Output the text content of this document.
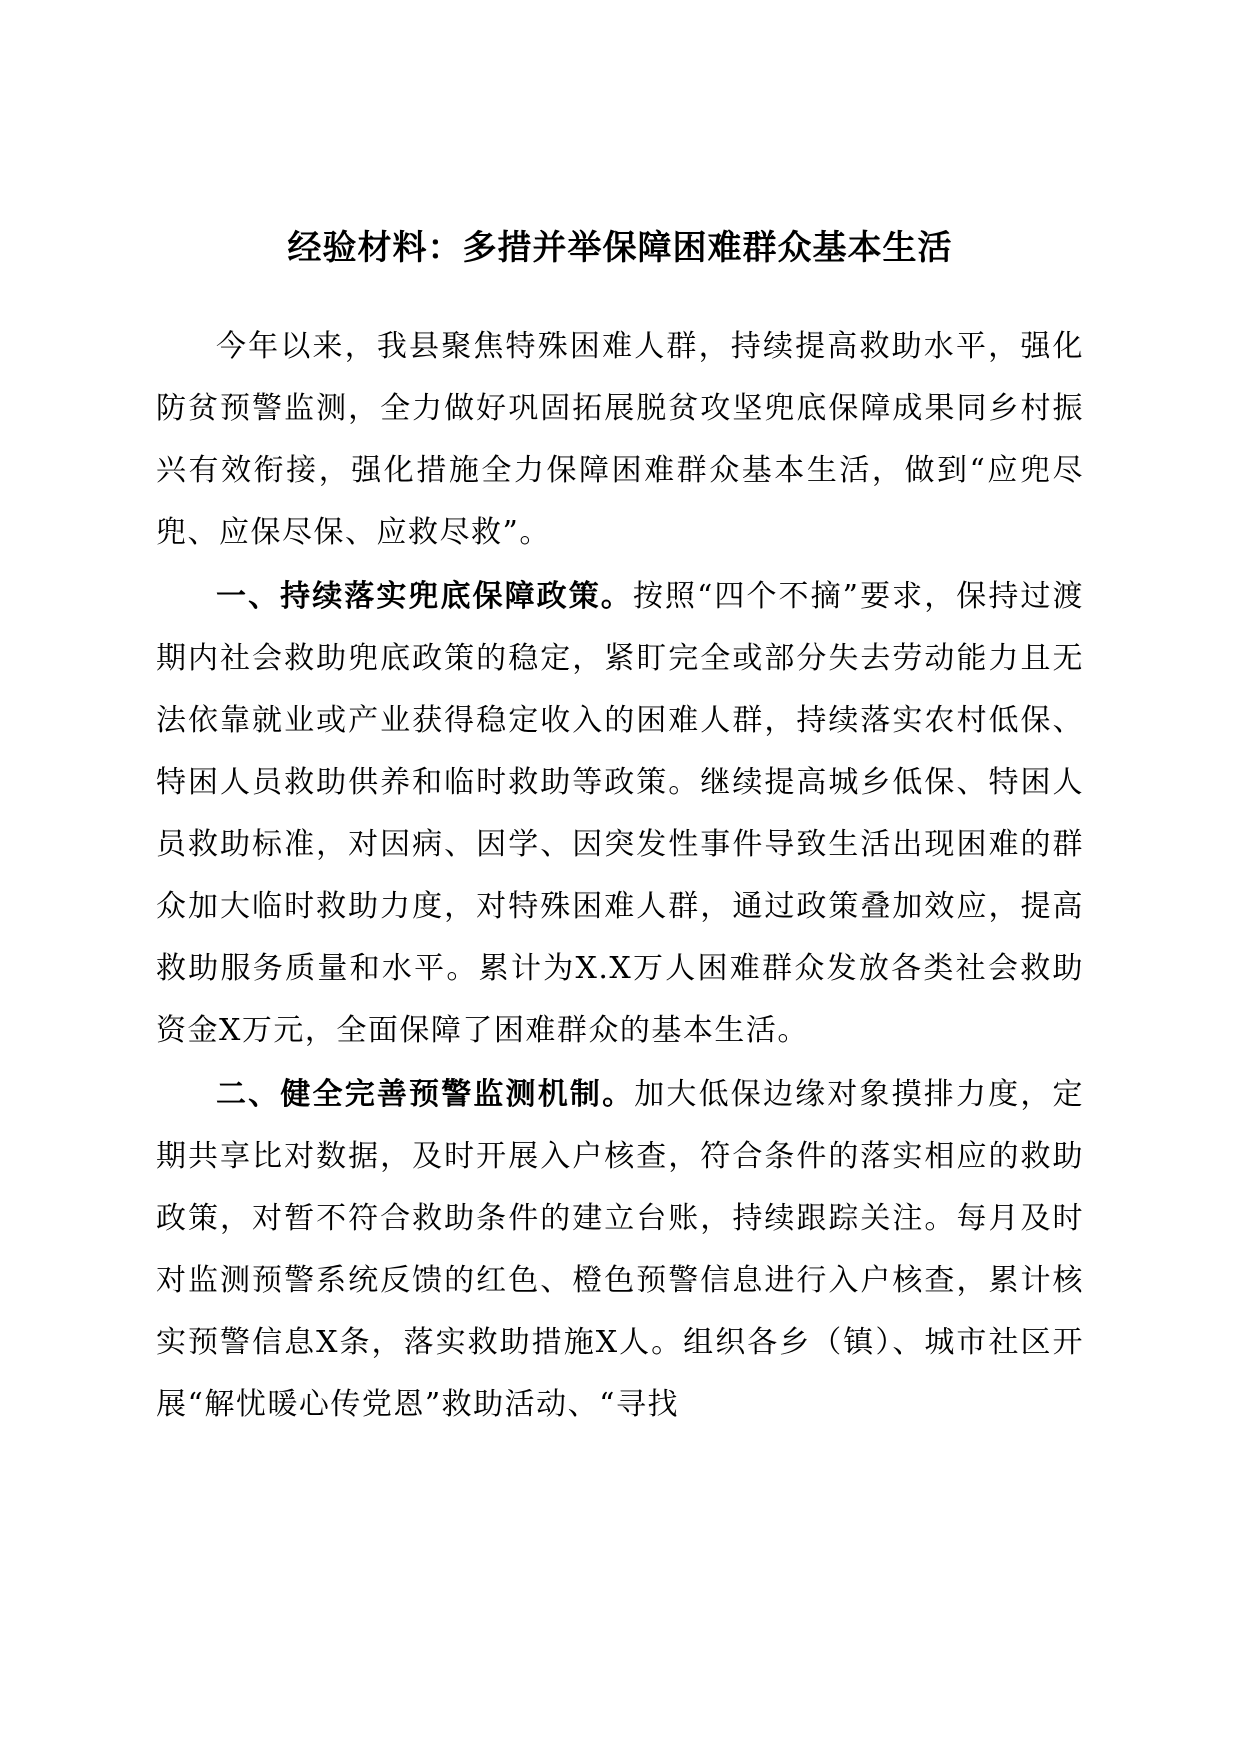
经验材料：多措并举保障困难群众基本生活

今年以来，我县聚焦特殊困难人群，持续提高救助水平，强化防贫预警监测，全力做好巩固拓展脱贫攻坚兜底保障成果同乡村振兴有效衔接，强化措施全力保障困难群众基本生活，做到“应兜尽兜、应保尽保、应救尽救”。

一、持续落实兜底保障政策。按照“四个不摘”要求，保持过渡期内社会救助兜底政策的稳定，紧盯完全或部分失去劳动能力且无法依靠就业或产业获得稳定收入的困难人群，持续落实农村低保、特困人员救助供养和临时救助等政策。继续提高城乡低保、特困人员救助标准，对因病、因学、因突发性事件导致生活出现困难的群众加大临时救助力度，对特殊困难人群，通过政策叠加效应，提高救助服务质量和水平。累计为X.X万人困难群众发放各类社会救助资金X万元，全面保障了困难群众的基本生活。

二、健全完善预警监测机制。加大低保边缘对象摸排力度，定期共享比对数据，及时开展入户核查，符合条件的落实相应的救助政策，对暂不符合救助条件的建立台账，持续跟踪关注。每月及时对监测预警系统反馈的红色、橙色预警信息进行入户核查，累计核实预警信息X条，落实救助措施X人。组织各乡（镇）、城市社区开展“解忧暖心传党恩”救助活动、“寻找
